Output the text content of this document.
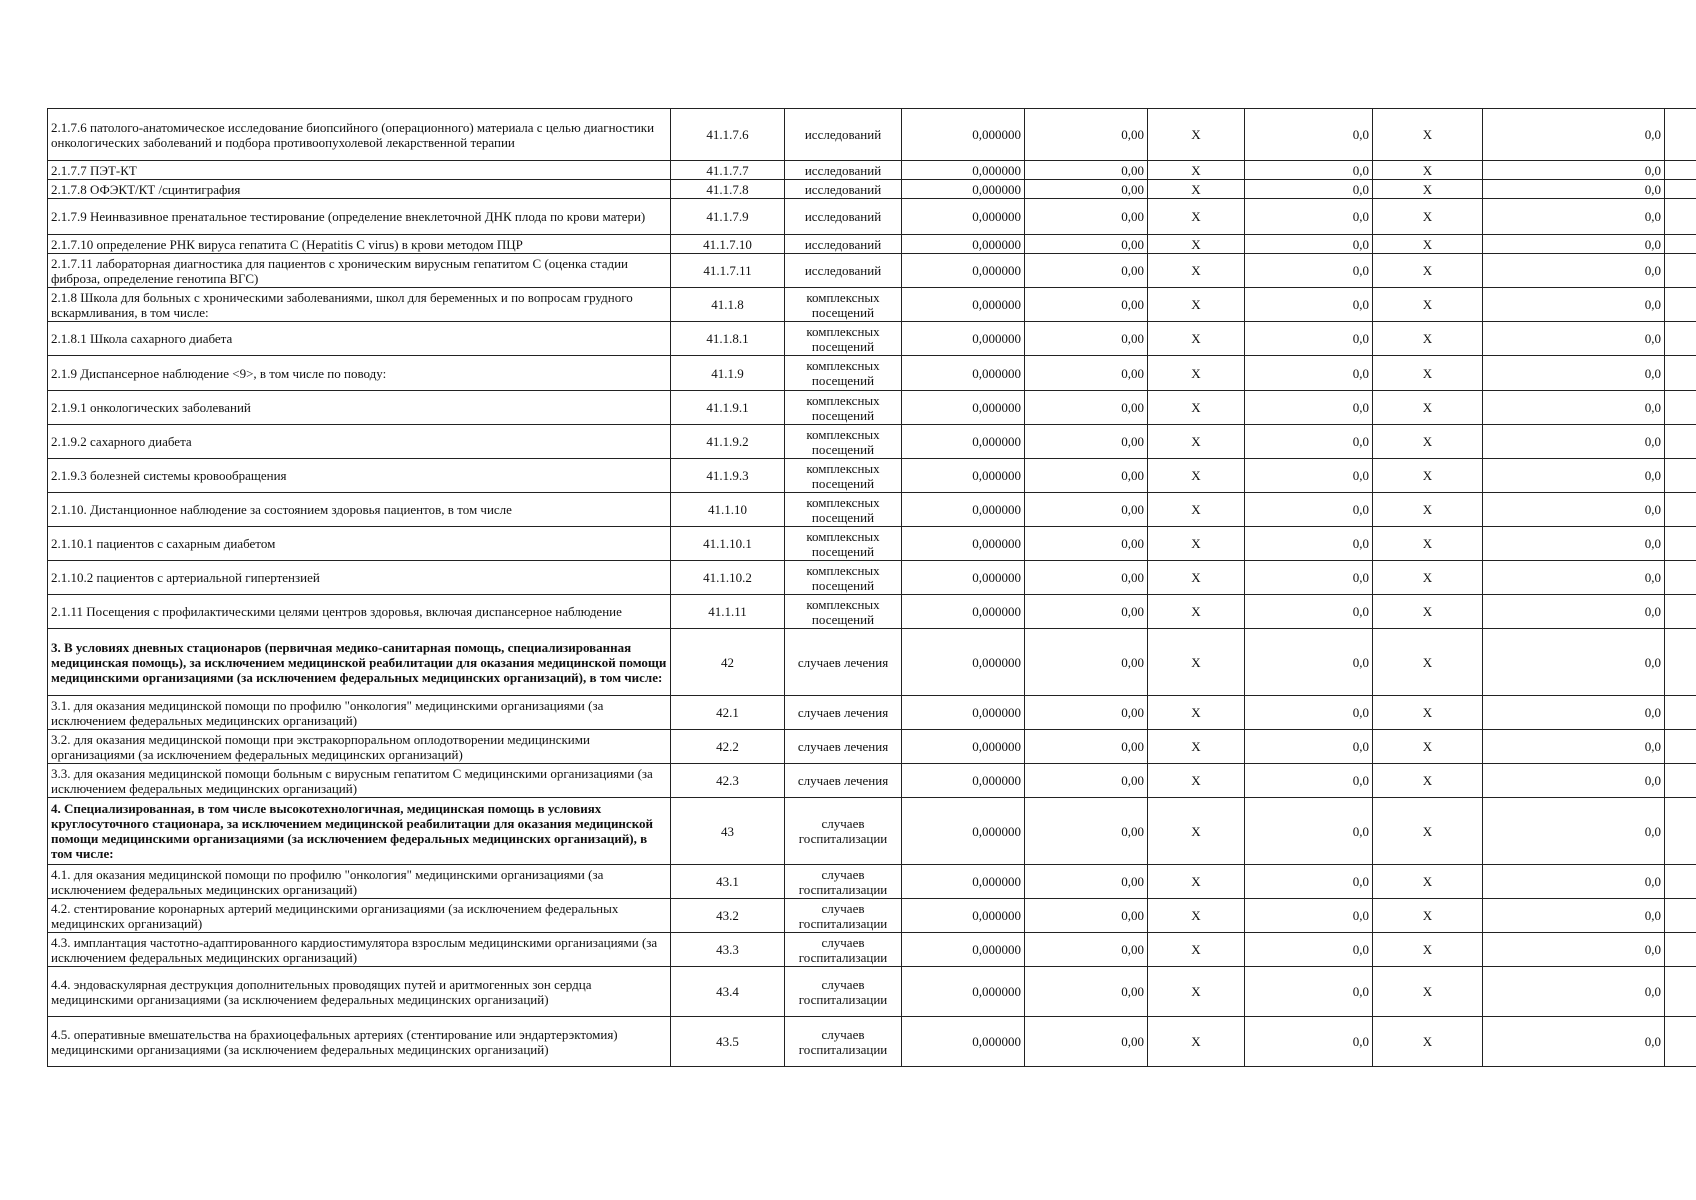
2.1.7.6 патолого-анатомическое исследование биопсийного (операционного) материала с целью диагностики онкологических заболеваний и подбора противоопухолевой лекарственной терапии	41.1.7.6	исследований	0,000000	0,00	X	0,0	X	0,0	
2.1.7.7 ПЭТ-КТ	41.1.7.7	исследований	0,000000	0,00	X	0,0	X	0,0	
2.1.7.8 ОФЭКТ/КТ /сцинтиграфия	41.1.7.8	исследований	0,000000	0,00	X	0,0	X	0,0	
2.1.7.9 Неинвазивное пренатальное тестирование (определение внеклеточной ДНК плода по крови матери)	41.1.7.9	исследований	0,000000	0,00	X	0,0	X	0,0	
2.1.7.10 определение РНК вируса гепатита С (Hepatitis C virus) в крови методом ПЦР	41.1.7.10	исследований	0,000000	0,00	X	0,0	X	0,0	
2.1.7.11 лабораторная диагностика для пациентов с хроническим вирусным гепатитом С (оценка стадии фиброза, определение генотипа ВГС)	41.1.7.11	исследований	0,000000	0,00	X	0,0	X	0,0	
2.1.8 Школа для больных с хроническими заболеваниями, школ для беременных и по вопросам грудного вскармливания, в том числе:	41.1.8	комплексных посещений	0,000000	0,00	X	0,0	X	0,0	
2.1.8.1 Школа сахарного диабета	41.1.8.1	комплексных посещений	0,000000	0,00	X	0,0	X	0,0	
2.1.9 Диспансерное наблюдение <9>, в том числе по поводу:	41.1.9	комплексных посещений	0,000000	0,00	X	0,0	X	0,0	
2.1.9.1 онкологических заболеваний	41.1.9.1	комплексных посещений	0,000000	0,00	X	0,0	X	0,0	
2.1.9.2 сахарного диабета	41.1.9.2	комплексных посещений	0,000000	0,00	X	0,0	X	0,0	
2.1.9.3 болезней системы кровообращения	41.1.9.3	комплексных посещений	0,000000	0,00	X	0,0	X	0,0	
2.1.10. Дистанционное наблюдение за состоянием здоровья пациентов, в том числе	41.1.10	комплексных посещений	0,000000	0,00	X	0,0	X	0,0	
2.1.10.1 пациентов с сахарным диабетом	41.1.10.1	комплексных посещений	0,000000	0,00	X	0,0	X	0,0	
2.1.10.2 пациентов с артериальной гипертензией	41.1.10.2	комплексных посещений	0,000000	0,00	X	0,0	X	0,0	
2.1.11 Посещения с профилактическими целями центров здоровья, включая диспансерное наблюдение	41.1.11	комплексных посещений	0,000000	0,00	X	0,0	X	0,0	
3. В условиях дневных стационаров (первичная медико-санитарная помощь, специализированная медицинская помощь), за исключением медицинской реабилитации для оказания медицинской помощи медицинскими организациями (за исключением федеральных медицинских организаций), в том числе:	42	случаев лечения	0,000000	0,00	X	0,0	X	0,0	
3.1. для оказания медицинской помощи по профилю "онкология" медицинскими организациями (за исключением федеральных медицинских организаций)	42.1	случаев лечения	0,000000	0,00	X	0,0	X	0,0	
3.2. для оказания медицинской помощи при экстракорпоральном оплодотворении медицинскими организациями (за исключением федеральных медицинских организаций)	42.2	случаев лечения	0,000000	0,00	X	0,0	X	0,0	
3.3. для оказания медицинской помощи больным с вирусным гепатитом С медицинскими организациями (за исключением федеральных медицинских организаций)	42.3	случаев лечения	0,000000	0,00	X	0,0	X	0,0	
4. Специализированная, в том числе высокотехнологичная, медицинская помощь в условиях круглосуточного стационара, за исключением медицинской реабилитации для оказания медицинской помощи медицинскими организациями (за исключением федеральных медицинских организаций), в том числе:	43	случаев госпитализации	0,000000	0,00	X	0,0	X	0,0	
4.1. для оказания медицинской помощи по профилю "онкология" медицинскими организациями (за исключением федеральных медицинских организаций)	43.1	случаев госпитализации	0,000000	0,00	X	0,0	X	0,0	
4.2. стентирование коронарных артерий медицинскими организациями (за исключением федеральных медицинских организаций)	43.2	случаев госпитализации	0,000000	0,00	X	0,0	X	0,0	
4.3. имплантация частотно-адаптированного кардиостимулятора взрослым медицинскими организациями (за исключением федеральных медицинских организаций)	43.3	случаев госпитализации	0,000000	0,00	X	0,0	X	0,0	
4.4. эндоваскулярная деструкция дополнительных проводящих путей и аритмогенных зон сердца медицинскими организациями (за исключением федеральных медицинских организаций)	43.4	случаев госпитализации	0,000000	0,00	X	0,0	X	0,0	
4.5. оперативные вмешательства на брахиоцефальных артериях (стентирование или эндартерэктомия) медицинскими организациями (за исключением федеральных медицинских организаций)	43.5	случаев госпитализации	0,000000	0,00	X	0,0	X	0,0	
